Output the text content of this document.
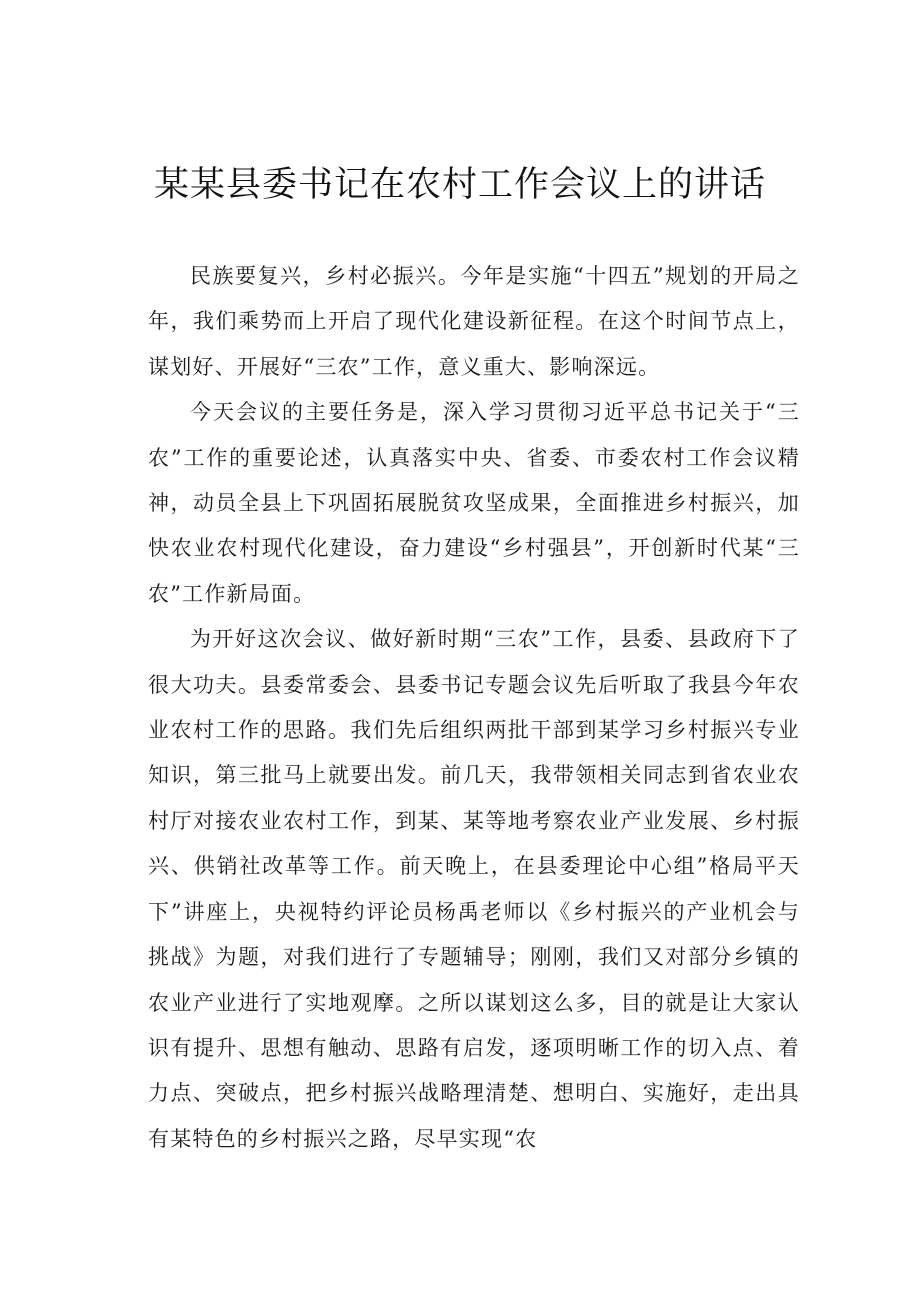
某某县委书记在农村工作会议上的讲话

民族要复兴，乡村必振兴。今年是实施“十四五”规划的开局之年，我们乘势而上开启了现代化建设新征程。在这个时间节点上，谋划好、开展好“三农”工作，意义重大、影响深远。

今天会议的主要任务是，深入学习贯彻习近平总书记关于“三农”工作的重要论述，认真落实中央、省委、市委农村工作会议精神，动员全县上下巩固拓展脱贫攻坚成果，全面推进乡村振兴，加快农业农村现代化建设，奋力建设“乡村强县”，开创新时代某“三农”工作新局面。

为开好这次会议、做好新时期“三农”工作，县委、县政府下了很大功夫。县委常委会、县委书记专题会议先后听取了我县今年农业农村工作的思路。我们先后组织两批干部到某学习乡村振兴专业知识，第三批马上就要出发。前几天，我带领相关同志到省农业农村厅对接农业农村工作，到某、某等地考察农业产业发展、乡村振兴、供销社改革等工作。前天晚上，在县委理论中心组”格局平天下”讲座上，央视特约评论员杨禹老师以《乡村振兴的产业机会与挑战》为题，对我们进行了专题辅导；刚刚，我们又对部分乡镇的农业产业进行了实地观摩。之所以谋划这么多，目的就是让大家认识有提升、思想有触动、思路有启发，逐项明晰工作的切入点、着力点、突破点，把乡村振兴战略理清楚、想明白、实施好，走出具有某特色的乡村振兴之路，尽早实现“农
